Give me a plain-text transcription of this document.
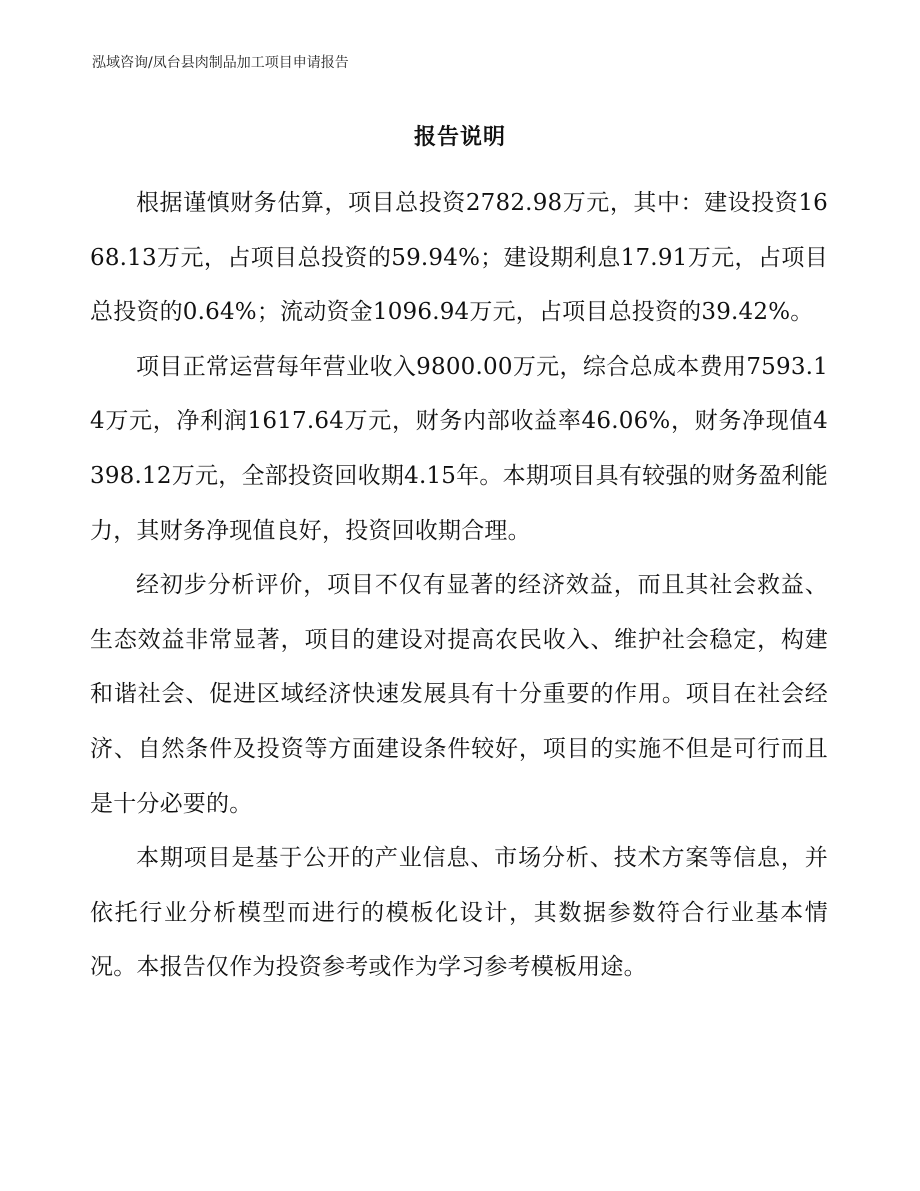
泓域咨询/凤台县肉制品加工项目申请报告
报告说明

根据谨慎财务估算，项目总投资2782.98万元，其中：建设投资1668.13万元，占项目总投资的59.94%；建设期利息17.91万元，占项目总投资的0.64%；流动资金1096.94万元，占项目总投资的39.42%。

项目正常运营每年营业收入9800.00万元，综合总成本费用7593.14万元，净利润1617.64万元，财务内部收益率46.06%，财务净现值4398.12万元，全部投资回收期4.15年。本期项目具有较强的财务盈利能力，其财务净现值良好，投资回收期合理。

经初步分析评价，项目不仅有显著的经济效益，而且其社会救益、生态效益非常显著，项目的建设对提高农民收入、维护社会稳定，构建和谐社会、促进区域经济快速发展具有十分重要的作用。项目在社会经济、自然条件及投资等方面建设条件较好，项目的实施不但是可行而且是十分必要的。

本期项目是基于公开的产业信息、市场分析、技术方案等信息，并依托行业分析模型而进行的模板化设计，其数据参数符合行业基本情况。本报告仅作为投资参考或作为学习参考模板用途。
